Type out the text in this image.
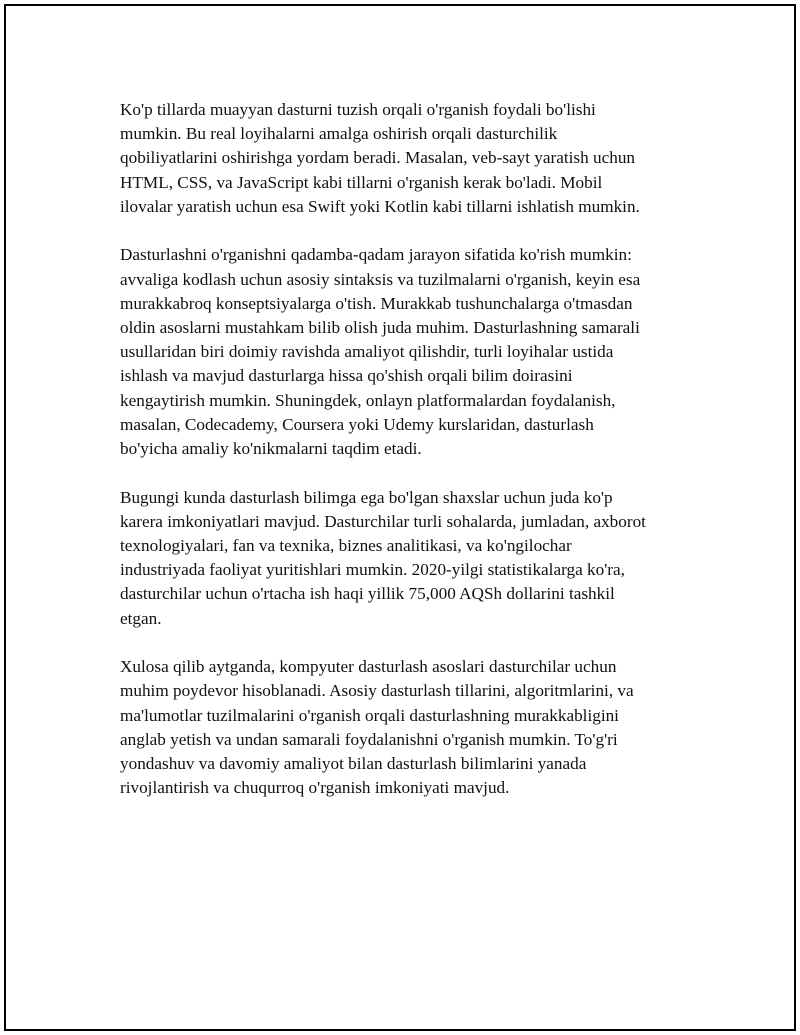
Ko'p tillarda muayyan dasturni tuzish orqali o'rganish foydali bo'lishi
mumkin. Bu real loyihalarni amalga oshirish orqali dasturchilik
qobiliyatlarini oshirishga yordam beradi. Masalan, veb-sayt yaratish uchun
HTML, CSS, va JavaScript kabi tillarni o'rganish kerak bo'ladi. Mobil
ilovalar yaratish uchun esa Swift yoki Kotlin kabi tillarni ishlatish mumkin.

Dasturlashni o'rganishni qadamba-qadam jarayon sifatida ko'rish mumkin:
avvaliga kodlash uchun asosiy sintaksis va tuzilmalarni o'rganish, keyin esa
murakkabroq konseptsiyalarga o'tish. Murakkab tushunchalarga o'tmasdan
oldin asoslarni mustahkam bilib olish juda muhim. Dasturlashning samarali
usullaridan biri doimiy ravishda amaliyot qilishdir, turli loyihalar ustida
ishlash va mavjud dasturlarga hissa qo'shish orqali bilim doirasini
kengaytirish mumkin. Shuningdek, onlayn platformalardan foydalanish,
masalan, Codecademy, Coursera yoki Udemy kurslaridan, dasturlash
bo'yicha amaliy ko'nikmalarni taqdim etadi.

Bugungi kunda dasturlash bilimga ega bo'lgan shaxslar uchun juda ko'p
karera imkoniyatlari mavjud. Dasturchilar turli sohalarda, jumladan, axborot
texnologiyalari, fan va texnika, biznes analitikasi, va ko'ngilochar
industriyada faoliyat yuritishlari mumkin. 2020-yilgi statistikalarga ko'ra,
dasturchilar uchun o'rtacha ish haqi yillik 75,000 AQSh dollarini tashkil
etgan.

Xulosa qilib aytganda, kompyuter dasturlash asoslari dasturchilar uchun
muhim poydevor hisoblanadi. Asosiy dasturlash tillarini, algoritmlarini, va
ma'lumotlar tuzilmalarini o'rganish orqali dasturlashning murakkabligini
anglab yetish va undan samarali foydalanishni o'rganish mumkin. To'g'ri
yondashuv va davomiy amaliyot bilan dasturlash bilimlarini yanada
rivojlantirish va chuqurroq o'rganish imkoniyati mavjud.
